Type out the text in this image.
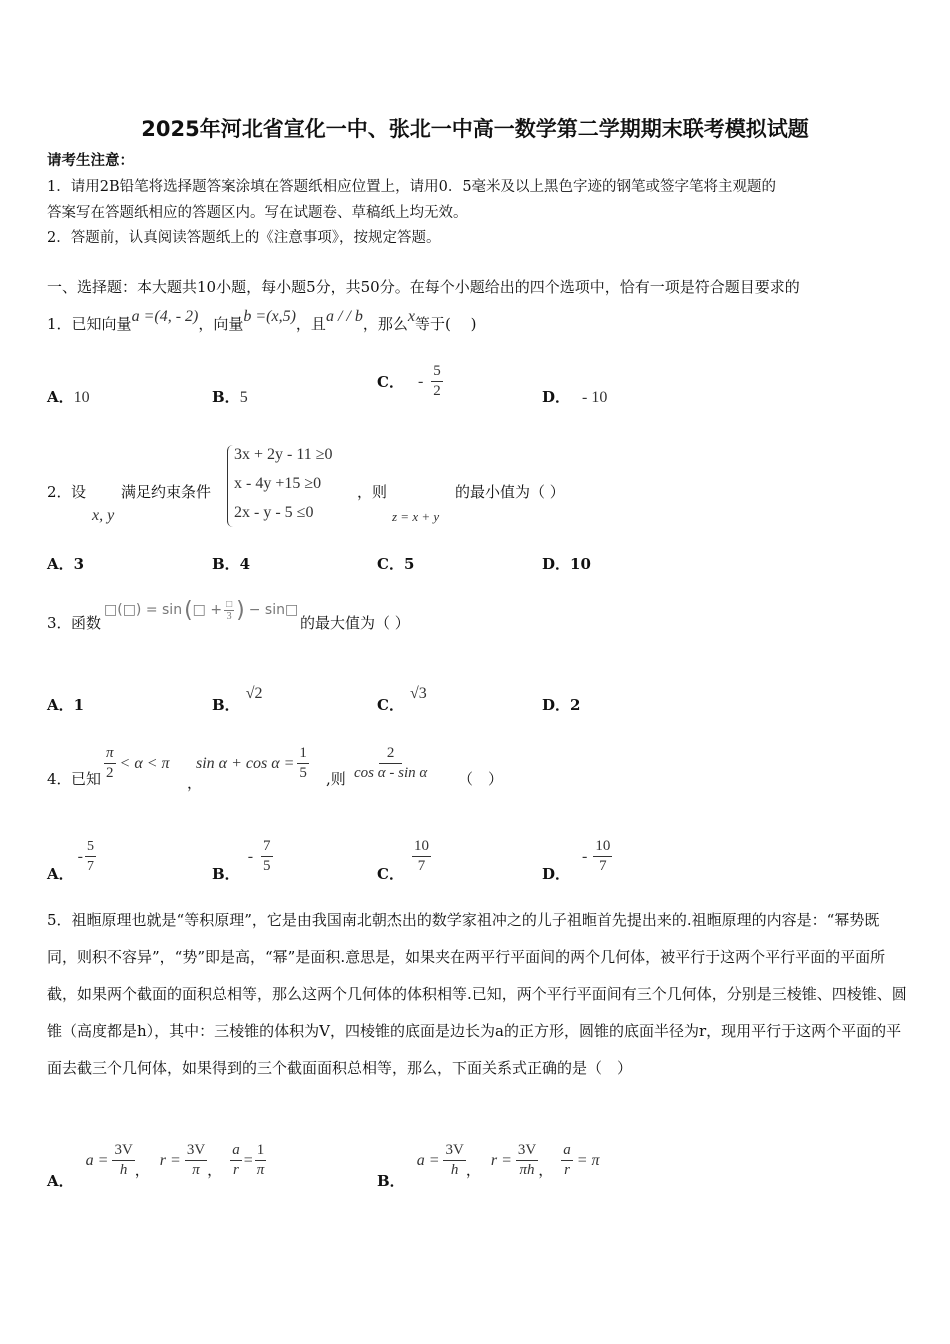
2025年河北省宣化一中、张北一中高一数学第二学期期末联考模拟试题
请考生注意：
1．请用2B铅笔将选择题答案涂填在答题纸相应位置上，请用0．5毫米及以上黑色字迹的钢笔或签字笔将主观题的
答案写在答题纸相应的答题区内。写在试题卷、草稿纸上均无效。
2．答题前，认真阅读答题纸上的《注意事项》，按规定答题。
一、选择题：本大题共10小题，每小题5分，共50分。在每个小题给出的四个选项中，恰有一项是符合题目要求的
1．已知向量a =(4, - 2)，向量b =(x,5)，且a / / b，那么x等于(　 )
A．10	B．5
C． - $\frac{5}{2}$	D． - 10
2． 设
x, y
满足约束条件
3x + 2y - 11 ≥0
x - 4y +15 ≥0
2x - y - 5 ≤0
，则
z = x + y
的最小值为（ ）
A．3	B．4	C．5	D．10
3． 函数
□(□) = sin ( □ + $\frac{□}{3}$ ) − sin□
的最大值为（ ）
A．1	B．√2
C．√3
D．2
4． 已知 $\frac{\pi}{2} < \alpha < \pi$
，
$\sin \alpha + \cos \alpha = \frac{1}{5}$ ,则 $\frac{2}{\text{cos α - sin α}}$ （　）
A．
- $\frac{5}{7}$	B．
- $\frac{7}{5}$	C． $\frac{10}{7}$	D．
- $\frac{10}{7}$
5．祖暅原理也就是“等积原理”，它是由我国南北朝杰出的数学家祖冲之的儿子祖暅首先提出来的.祖暅原理的内容是：“幂势既同，则积不容异”，“势”即是高，“幂”是面积.意思是，如果夹在两平行平面间的两个几何体，被平行于这两个平行平面的平面所截，如果两个截面的面积总相等，那么这两个几何体的体积相等.已知，两个平行平面间有三个几何体，分别是三棱锥、四棱锥、圆锥（高度都是h），其中：三棱锥的体积为V，四棱锥的底面是边长为a的正方形，圆锥的底面半径为r，现用平行于这两个平面的平面去截三个几何体，如果得到的三个截面面积总相等，那么，下面关系式正确的是（　）
A．
$a = \frac{3V}{h}$ ，
$r = \frac{3V}{\pi}$ ， $\frac{a}{r} = \frac{1}{\pi}$
B．
$a = \frac{3V}{h}$ ，
$r = \frac{3V}{\pi h}$ ， $\frac{a}{r} = \pi$
